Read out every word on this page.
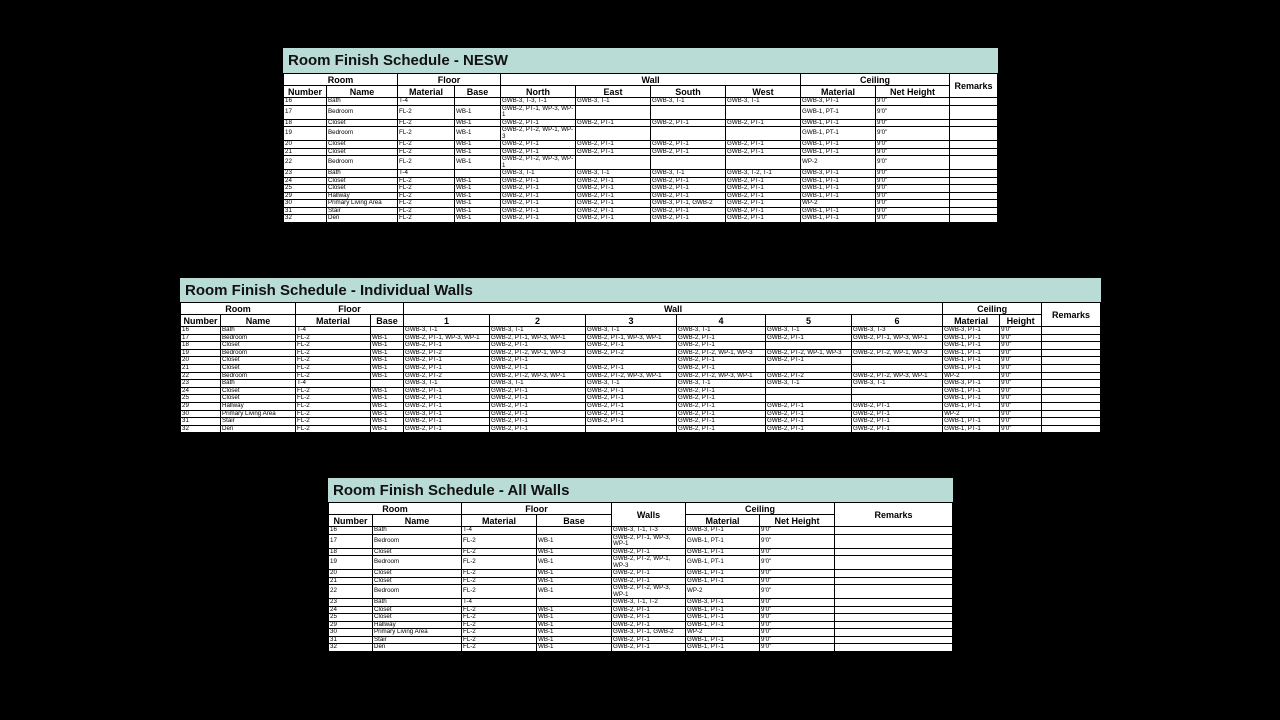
Room Finish Schedule - NESW
Room		Floor		Wall				Ceiling		Remarks
Number	Name	Material	Base	North	East	South	West	Material	Net Height	
16	Bath	T-4		GWB-3, T-3, T-1	GWB-3, T-1	GWB-3, T-1	GWB-3, T-1	GWB-3, PT-1	9'0"	
17	Bedroom	FL-2	WB-1	GWB-2, PT-1, WP-3, WP-1				GWB-1, PT-1	9'0"	
18	Closet	FL-2	WB-1	GWB-2, PT-1	GWB-2, PT-1	GWB-2, PT-1	GWB-2, PT-1	GWB-1, PT-1	9'0"	
19	Bedroom	FL-2	WB-1	GWB-2, PT-2, WP-1, WP-3				GWB-1, PT-1	9'0"	
20	Closet	FL-2	WB-1	GWB-2, PT-1	GWB-2, PT-1	GWB-2, PT-1	GWB-2, PT-1	GWB-1, PT-1	9'0"	
21	Closet	FL-2	WB-1	GWB-2, PT-1	GWB-2, PT-1	GWB-2, PT-1	GWB-2, PT-1	GWB-1, PT-1	9'0"	
22	Bedroom	FL-2	WB-1	GWB-2, PT-2, WP-3, WP-1				WP-2	9'0"	
23	Bath	T-4		GWB-3, T-1	GWB-3, T-1	GWB-3, T-1	GWB-3, T-2, T-1	GWB-3, PT-1	9'0"	
24	Closet	FL-2	WB-1	GWB-2, PT-1	GWB-2, PT-1	GWB-2, PT-1	GWB-2, PT-1	GWB-1, PT-1	9'0"	
25	Closet	FL-2	WB-1	GWB-2, PT-1	GWB-2, PT-1	GWB-2, PT-1	GWB-2, PT-1	GWB-1, PT-1	9'0"	
29	Hallway	FL-2	WB-1	GWB-2, PT-1	GWB-2, PT-1	GWB-2, PT-1	GWB-2, PT-1	GWB-1, PT-1	9'0"	
30	Primary Living Area	FL-2	WB-1	GWB-2, PT-1	GWB-2, PT-1	GWB-3, PT-1, GWB-2	GWB-2, PT-1	WP-2	9'0"	
31	Stair	FL-2	WB-1	GWB-2, PT-1	GWB-2, PT-1	GWB-2, PT-1	GWB-2, PT-1	GWB-1, PT-1	9'0"	
32	Den	FL-2	WB-1	GWB-2, PT-1	GWB-2, PT-1	GWB-2, PT-1	GWB-2, PT-1	GWB-1, PT-1	9'0"	
Room Finish Schedule - Individual Walls
Room		Floor		Wall						Ceiling		Remarks
Number	Name	Material	Base	1	2	3	4	5	6	Material	Height	
16	Bath	T-4		GWB-3, T-1	GWB-3, T-1	GWB-3, T-1	GWB-3, T-1	GWB-3, T-1	GWB-3, T-3	GWB-3, PT-1	9'0"	
17	Bedroom	FL-2	WB-1	GWB-2, PT-1, WP-3, WP-1	GWB-2, PT-1, WP-3, WP-1	GWB-2, PT-1, WP-3, WP-1	GWB-2, PT-1	GWB-2, PT-1	GWB-2, PT-1, WP-3, WP-1	GWB-1, PT-1	9'0"	
18	Closet	FL-2	WB-1	GWB-2, PT-1	GWB-2, PT-1	GWB-2, PT-1	GWB-2, PT-1			GWB-1, PT-1	9'0"	
19	Bedroom	FL-2	WB-1	GWB-2, PT-2	GWB-2, PT-2, WP-1, WP-3	GWB-2, PT-2	GWB-2, PT-2, WP-1, WP-3	GWB-2, PT-2, WP-1, WP-3	GWB-2, PT-2, WP-1, WP-3	GWB-1, PT-1	9'0"	
20	Closet	FL-2	WB-1	GWB-2, PT-1	GWB-2, PT-1		GWB-2, PT-1	GWB-2, PT-1		GWB-1, PT-1	9'0"	
21	Closet	FL-2	WB-1	GWB-2, PT-1	GWB-2, PT-1	GWB-2, PT-1	GWB-2, PT-1			GWB-1, PT-1	9'0"	
22	Bedroom	FL-2	WB-1	GWB-2, PT-2	GWB-2, PT-2, WP-3, WP-1	GWB-2, PT-2, WP-3, WP-1	GWB-2, PT-2, WP-3, WP-1	GWB-2, PT-2	GWB-2, PT-2, WP-3, WP-1	WP-2	9'0"	
23	Bath	T-4		GWB-3, T-1	GWB-3, T-1	GWB-3, T-1	GWB-3, T-1	GWB-3, T-1	GWB-3, T-1	GWB-3, PT-1	9'0"	
24	Closet	FL-2	WB-1	GWB-2, PT-1	GWB-2, PT-1	GWB-2, PT-1	GWB-2, PT-1			GWB-1, PT-1	9'0"	
25	Closet	FL-2	WB-1	GWB-2, PT-1	GWB-2, PT-1	GWB-2, PT-1	GWB-2, PT-1			GWB-1, PT-1	9'0"	
29	Hallway	FL-2	WB-1	GWB-2, PT-1	GWB-2, PT-1	GWB-2, PT-1	GWB-2, PT-1	GWB-2, PT-1	GWB-2, PT-1	GWB-1, PT-1	9'0"	
30	Primary Living Area	FL-2	WB-1	GWB-3, PT-1	GWB-2, PT-1	GWB-2, PT-1	GWB-2, PT-1	GWB-2, PT-1	GWB-2, PT-1	WP-2	9'0"	
31	Stair	FL-2	WB-1	GWB-2, PT-1	GWB-2, PT-1	GWB-2, PT-1	GWB-2, PT-1	GWB-2, PT-1	GWB-2, PT-1	GWB-1, PT-1	9'0"	
32	Den	FL-2	WB-1	GWB-2, PT-1	GWB-2, PT-1		GWB-2, PT-1	GWB-2, PT-1	GWB-2, PT-1	GWB-1, PT-1	9'0"	
Room Finish Schedule - All Walls
Room		Floor		Walls	Ceiling		Remarks
Number	Name	Material	Base		Material	Net Height	
16	Bath	T-4		GWB-3, T-1, T-3	GWB-3, PT-1	9'0"	
17	Bedroom	FL-2	WB-1	GWB-2, PT-1, WP-3, WP-1	GWB-1, PT-1	9'0"	
18	Closet	FL-2	WB-1	GWB-2, PT-1	GWB-1, PT-1	9'0"	
19	Bedroom	FL-2	WB-1	GWB-2, PT-2, WP-1, WP-3	GWB-1, PT-1	9'0"	
20	Closet	FL-2	WB-1	GWB-2, PT-1	GWB-1, PT-1	9'0"	
21	Closet	FL-2	WB-1	GWB-2, PT-1	GWB-1, PT-1	9'0"	
22	Bedroom	FL-2	WB-1	GWB-2, PT-2, WP-3, WP-1	WP-2	9'0"	
23	Bath	T-4		GWB-3, T-1, T-2	GWB-3, PT-1	9'0"	
24	Closet	FL-2	WB-1	GWB-2, PT-1	GWB-1, PT-1	9'0"	
25	Closet	FL-2	WB-1	GWB-2, PT-1	GWB-1, PT-1	9'0"	
29	Hallway	FL-2	WB-1	GWB-2, PT-1	GWB-1, PT-1	9'0"	
30	Primary Living Area	FL-2	WB-1	GWB-3, PT-1, GWB-2	WP-2	9'0"	
31	Stair	FL-2	WB-1	GWB-2, PT-1	GWB-1, PT-1	9'0"	
32	Den	FL-2	WB-1	GWB-2, PT-1	GWB-1, PT-1	9'0"	
